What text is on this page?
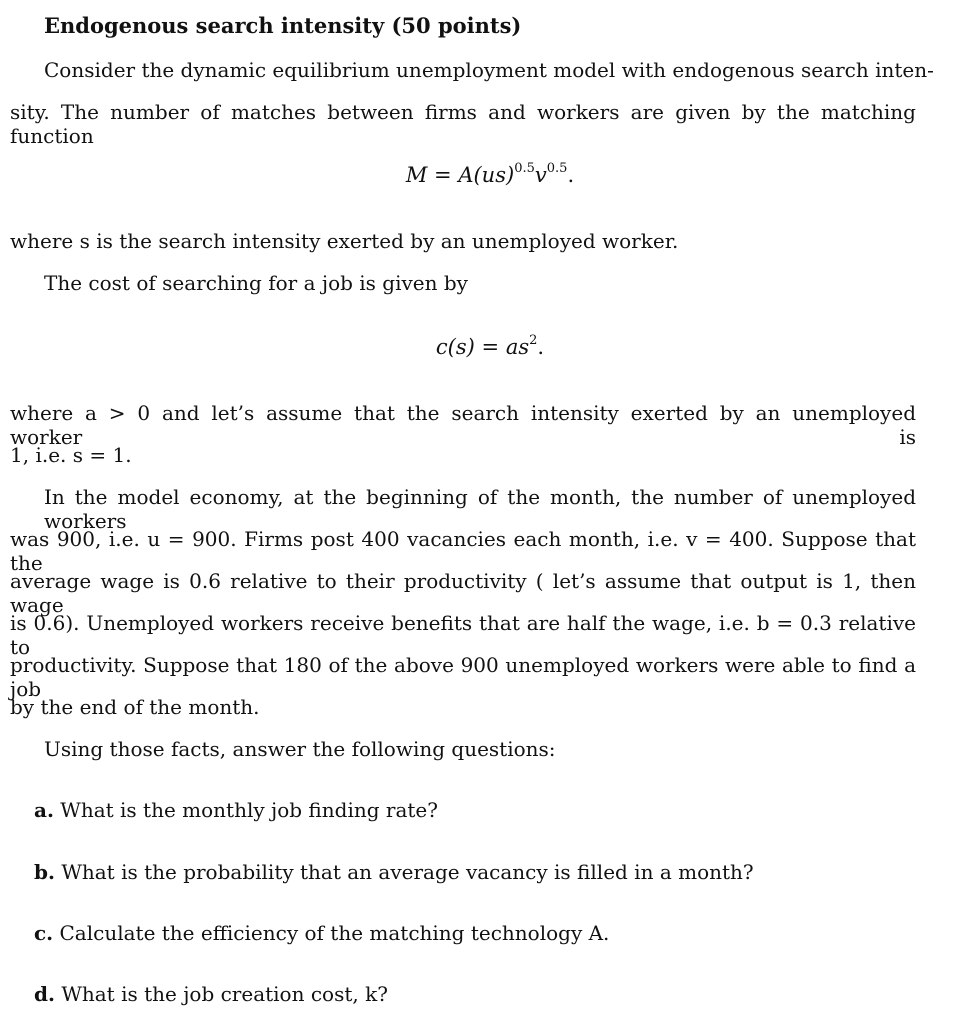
Endogenous search intensity (50 points)
Consider the dynamic equilibrium unemployment model with endogenous search inten-
sity. The number of matches between firms and workers are given by the matching function
$M = A(us)^{0.5}v^{0.5}$.
where s is the search intensity exerted by an unemployed worker.
The cost of searching for a job is given by
$c(s) = as^2$.
where a > 0 and let’s assume that the search intensity exerted by an unemployed worker is
1, i.e. s = 1.
In the model economy, at the beginning of the month, the number of unemployed workers
was 900, i.e. u = 900. Firms post 400 vacancies each month, i.e. v = 400. Suppose that the
average wage is 0.6 relative to their productivity ( let’s assume that output is 1, then wage
is 0.6). Unemployed workers receive benefits that are half the wage, i.e. b = 0.3 relative to
productivity. Suppose that 180 of the above 900 unemployed workers were able to find a job
by the end of the month.
Using those facts, answer the following questions:
a. What is the monthly job finding rate?
b. What is the probability that an average vacancy is filled in a month?
c. Calculate the efficiency of the matching technology A.
d. What is the job creation cost, k?
